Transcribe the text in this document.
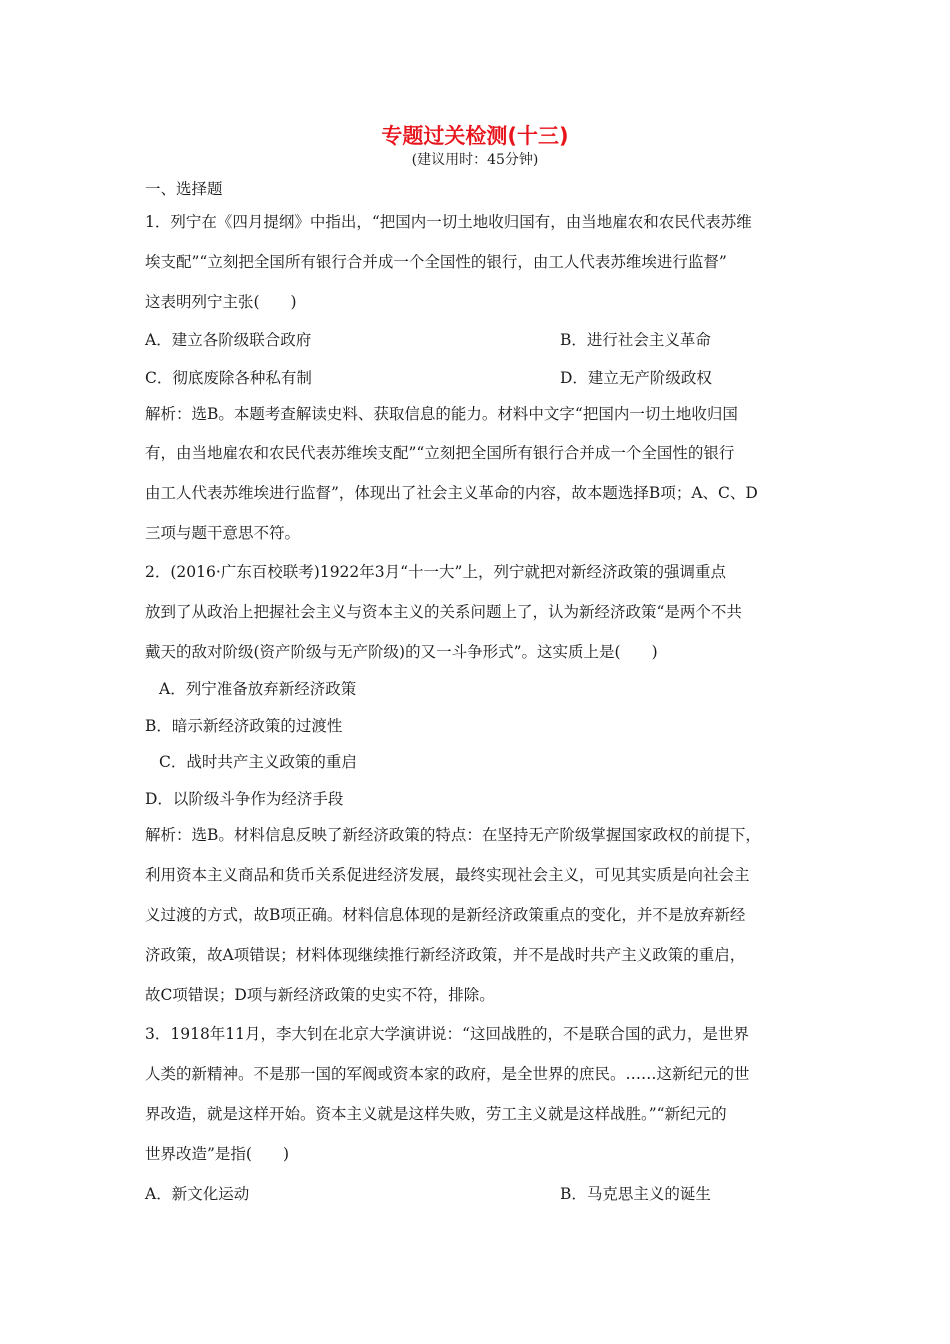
专题过关检测(十三)
(建议用时：45分钟)
一、选择题
1．列宁在《四月提纲》中指出，“把国内一切土地收归国有，由当地雇农和农民代表苏维
埃支配”“立刻把全国所有银行合并成一个全国性的银行，由工人代表苏维埃进行监督”
这表明列宁主张(　　)
A．建立各阶级联合政府	B．进行社会主义革命
C．彻底废除各种私有制	D．建立无产阶级政权
解析：选B。本题考查解读史料、获取信息的能力。材料中文字“把国内一切土地收归国
有，由当地雇农和农民代表苏维埃支配”“立刻把全国所有银行合并成一个全国性的银行
由工人代表苏维埃进行监督”，体现出了社会主义革命的内容，故本题选择B项；A、C、D
三项与题干意思不符。
2．(2016·广东百校联考)1922年3月“十一大”上，列宁就把对新经济政策的强调重点
放到了从政治上把握社会主义与资本主义的关系问题上了，认为新经济政策“是两个不共
戴天的敌对阶级(资产阶级与无产阶级)的又一斗争形式”。这实质上是(　　)
A．列宁准备放弃新经济政策
B．暗示新经济政策的过渡性
C．战时共产主义政策的重启
D．以阶级斗争作为经济手段
解析：选B。材料信息反映了新经济政策的特点：在坚持无产阶级掌握国家政权的前提下，
利用资本主义商品和货币关系促进经济发展，最终实现社会主义，可见其实质是向社会主
义过渡的方式，故B项正确。材料信息体现的是新经济政策重点的变化，并不是放弃新经
济政策，故A项错误；材料体现继续推行新经济政策，并不是战时共产主义政策的重启，
故C项错误；D项与新经济政策的史实不符，排除。
3．1918年11月，李大钊在北京大学演讲说：“这回战胜的，不是联合国的武力，是世界
人类的新精神。不是那一国的军阀或资本家的政府，是全世界的庶民。……这新纪元的世
界改造，就是这样开始。资本主义就是这样失败，劳工主义就是这样战胜。”“新纪元的
世界改造”是指(　　)
A．新文化运动	B．马克思主义的诞生
